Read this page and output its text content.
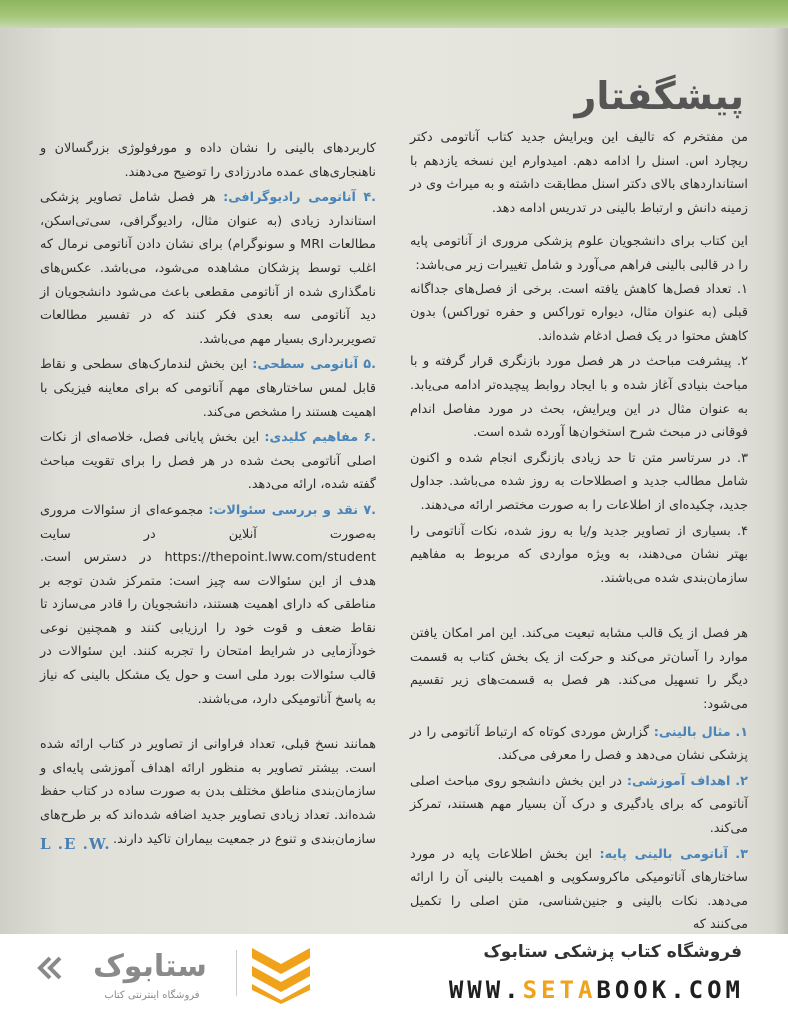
پیشگفتار

من مفتخرم که تالیف این ویرایش جدید کتاب آناتومی دکتر ریچارد اس. اسنل را ادامه دهم. امیدوارم این نسخه یازدهم با استانداردهای بالای دکتر اسنل مطابقت داشته و به میراث وی در زمینه دانش و ارتباط بالینی در تدریس ادامه دهد.

این کتاب برای دانشجویان علوم پزشکی مروری از آناتومی پایه را در قالبی بالینی فراهم می‌آورد و شامل تغییرات زیر می‌باشد:

۱. تعداد فصل‌ها کاهش یافته است. برخی از فصل‌های جداگانه قبلی (به عنوان مثال، دیواره توراکس و حفره توراکس) بدون کاهش محتوا در یک فصل ادغام شده‌اند.
۲. پیشرفت مباحث در هر فصل مورد بازنگری قرار گرفته و با مباحث بنیادی آغاز شده و با ایجاد روابط پیچیده‌تر ادامه می‌یابد. به عنوان مثال در این ویرایش، بحث در مورد مفاصل اندام فوقانی در مبحث شرح استخوان‌ها آورده شده است.
۳. در سرتاسر متن تا حد زیادی بازنگری انجام شده و اکنون شامل مطالب جدید و اصطلاحات به روز شده می‌باشد. جداول جدید، چکیده‌ای از اطلاعات را به صورت مختصر ارائه می‌دهند.
۴. بسیاری از تصاویر جدید و/یا به روز شده، نکات آناتومی را بهتر نشان می‌دهند، به ویژه مواردی که مربوط به مفاهیم سازمان‌بندی شده می‌باشند.

هر فصل از یک قالب مشابه تبعیت می‌کند. این امر امکان یافتن موارد را آسان‌تر می‌کند و حرکت از یک بخش کتاب به قسمت دیگر را تسهیل می‌کند. هر فصل به قسمت‌های زیر تقسیم می‌شود:

۱. مثال بالینی: گزارش موردی کوتاه که ارتباط آناتومی را در پزشکی نشان می‌دهد و فصل را معرفی می‌کند.
۲. اهداف آموزشی: در این بخش دانشجو روی مباحث اصلی آناتومی که برای یادگیری و درک آن بسیار مهم هستند، تمرکز می‌کند.
۳. آناتومی بالینی پایه: این بخش اطلاعات پایه در مورد ساختارهای آناتومیکی ماکروسکوپی و اهمیت بالینی آن را ارائه می‌دهد. نکات بالینی و جنین‌شناسی، متن اصلی را تکمیل می‌کنند که

کاربردهای بالینی را نشان داده و مورفولوژی بزرگسالان و ناهنجاری‌های عمده مادرزادی را توضیح می‌دهند.

.۴ آناتومی رادیوگرافی: هر فصل شامل تصاویر پزشکی استاندارد زیادی (به عنوان مثال، رادیوگرافی، سی‌تی‌اسکن، مطالعات MRI و سونوگرام) برای نشان دادن آناتومی نرمال که اغلب توسط پزشکان مشاهده می‌شود، می‌باشد. عکس‌های نامگذاری شده از آناتومی مقطعی باعث می‌شود دانشجویان از دید آناتومی سه بعدی فکر کنند که در تفسیر مطالعات تصویربرداری بسیار مهم می‌باشد.
.۵ آناتومی سطحی: این بخش لندمارک‌های سطحی و نقاط قابل لمس ساختارهای مهم آناتومی که برای معاینه فیزیکی با اهمیت هستند را مشخص می‌کند.
.۶ مفاهیم کلیدی: این بخش پایانی فصل، خلاصه‌ای از نکات اصلی آناتومی بحث شده در هر فصل را برای تقویت مباحث گفته شده، ارائه می‌دهد.
.۷ نقد و بررسی سئوالات: مجموعه‌ای از سئوالات مروری به‌صورت آنلاین در سایت https://thepoint.lww.com/student در دسترس است. هدف از این سئوالات سه چیز است: متمرکز شدن توجه بر مناطقی که دارای اهمیت هستند، دانشجویان را قادر می‌سازد تا نقاط ضعف و قوت خود را ارزیابی کنند و همچنین نوعی خودآزمایی در شرایط امتحان را تجربه کنند. این سئوالات در قالب سئوالات بورد ملی است و حول یک مشکل بالینی که نیاز به پاسخ آناتومیکی دارد، می‌باشند.

همانند نسخ قبلی، تعداد فراوانی از تصاویر در کتاب ارائه شده است. بیشتر تصاویر به منظور ارائه اهداف آموزشی پایه‌ای و سازمان‌بندی مناطق مختلف بدن به صورت ساده در کتاب حفظ شده‌اند. تعداد زیادی تصاویر جدید اضافه شده‌اند که بر طرح‌های سازمان‌بندی و تنوع در جمعیت بیماران تاکید دارند.

L .E .W.
ستابوک
فروشگاه اینترنتی کتاب
فروشگاه کتاب پزشکی ستابوک
WWW.SETABOOK.COM
